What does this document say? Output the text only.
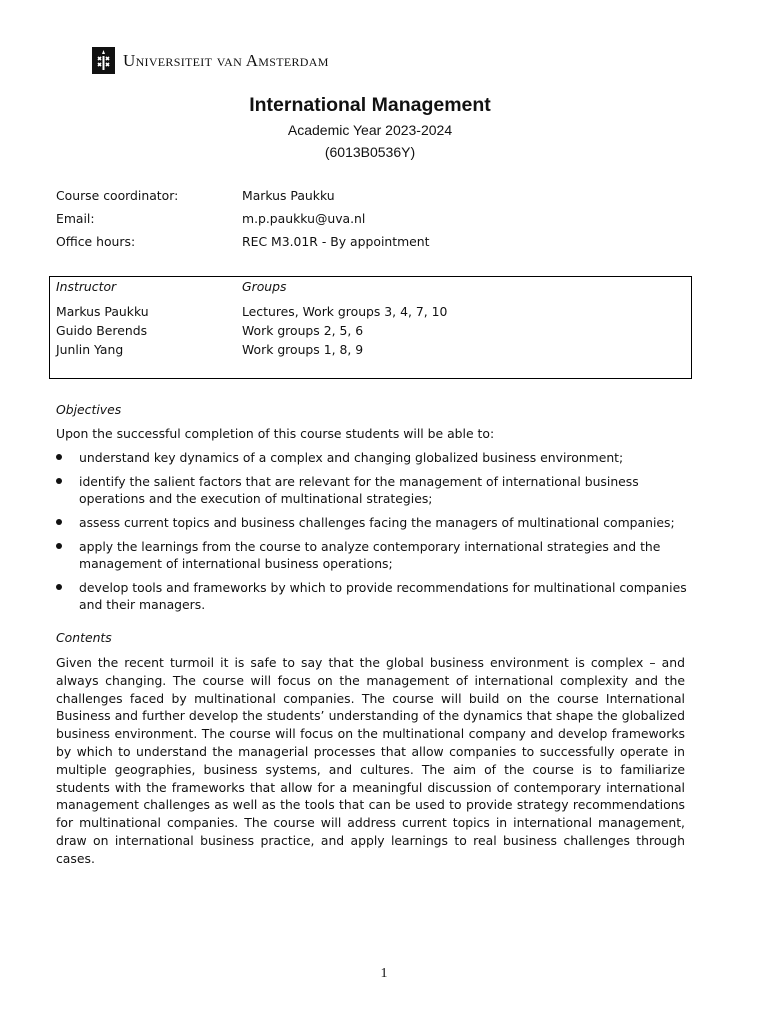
Universiteit van Amsterdam
International Management
Academic Year 2023-2024
(6013B0536Y)
Course coordinator:	Markus Paukku
Email:	m.p.paukku@uva.nl
Office hours:	REC M3.01R - By appointment
Instructor	Groups
Markus Paukku	Lectures, Work groups 3, 4, 7, 10
Guido Berends	Work groups 2, 5, 6
Junlin Yang	Work groups 1, 8, 9
Objectives
Upon the successful completion of this course students will be able to:
understand key dynamics of a complex and changing globalized business environment;
identify the salient factors that are relevant for the management of international business operations and the execution of multinational strategies;
assess current topics and business challenges facing the managers of multinational companies;
apply the learnings from the course to analyze contemporary international strategies and the management of international business operations;
develop tools and frameworks by which to provide recommendations for multinational companies and their managers.
Contents
Given the recent turmoil it is safe to say that the global business environment is complex – and always changing. The course will focus on the management of international complexity and the challenges faced by multinational companies. The course will build on the course International Business and further develop the students’ understanding of the dynamics that shape the globalized business environment. The course will focus on the multinational company and develop frameworks by which to understand the managerial processes that allow companies to successfully operate in multiple geographies, business systems, and cultures. The aim of the course is to familiarize students with the frameworks that allow for a meaningful discussion of contemporary international management challenges as well as the tools that can be used to provide strategy recommendations for multinational companies. The course will address current topics in international management, draw on international business practice, and apply learnings to real business challenges through cases.
1
